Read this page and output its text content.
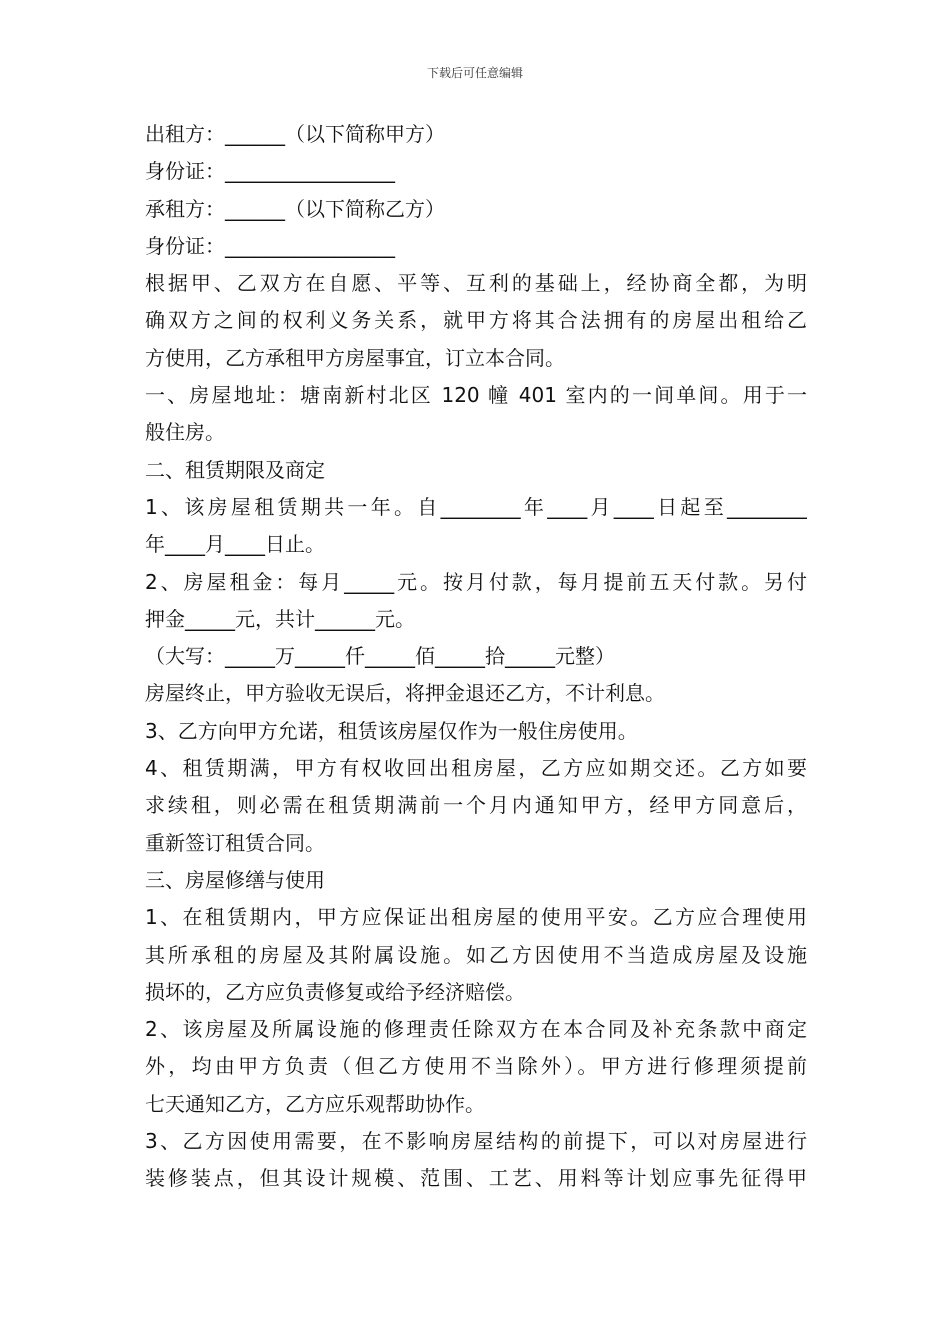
下载后可任意编辑
出租方：______（以下简称甲方）
身份证：_________________
承租方：______（以下简称乙方）
身份证：_________________
根据甲、乙双方在自愿、平等、互利的基础上，经协商全都，为明
确双方之间的权利义务关系，就甲方将其合法拥有的房屋出租给乙
方使用，乙方承租甲方房屋事宜，订立本合同。
一、房屋地址：塘南新村北区 120 幢 401 室内的一间单间。用于一
般住房。
二、租赁期限及商定
1、该房屋租赁期共一年。自________年____月____日起至________
年____月____日止。
2、房屋租金：每月_____元。按月付款，每月提前五天付款。另付
押金_____元，共计______元。
（大写：_____万_____仟_____佰_____拾_____元整）
房屋终止，甲方验收无误后，将押金退还乙方，不计利息。
3、乙方向甲方允诺，租赁该房屋仅作为一般住房使用。
4、租赁期满，甲方有权收回出租房屋，乙方应如期交还。乙方如要
求续租，则必需在租赁期满前一个月内通知甲方，经甲方同意后，
重新签订租赁合同。
三、房屋修缮与使用
1、在租赁期内，甲方应保证出租房屋的使用平安。乙方应合理使用
其所承租的房屋及其附属设施。如乙方因使用不当造成房屋及设施
损坏的，乙方应负责修复或给予经济赔偿。
2、该房屋及所属设施的修理责任除双方在本合同及补充条款中商定
外，均由甲方负责（但乙方使用不当除外）。甲方进行修理须提前
七天通知乙方，乙方应乐观帮助协作。
3、乙方因使用需要，在不影响房屋结构的前提下，可以对房屋进行
装修装点，但其设计规模、范围、工艺、用料等计划应事先征得甲
